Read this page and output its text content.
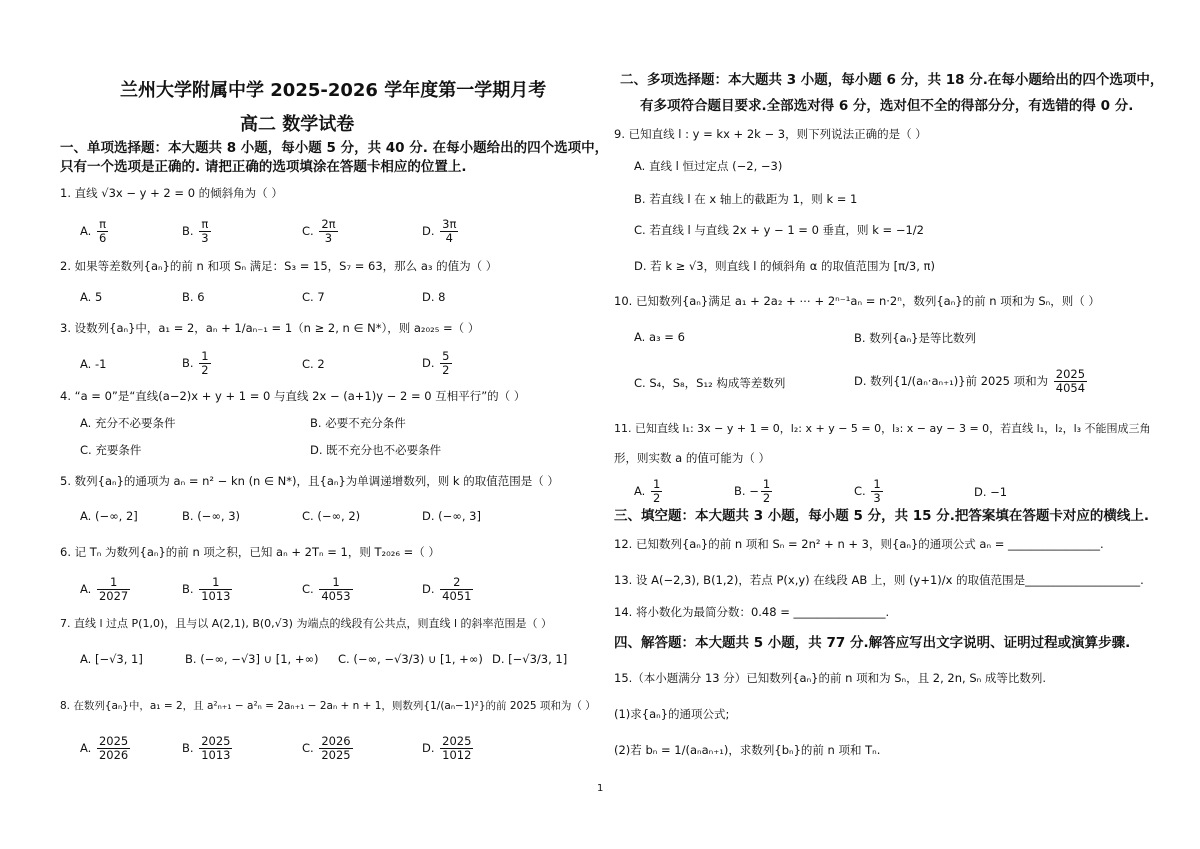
兰州大学附属中学 2025-2026 学年度第一学期月考
高二 数学试卷
一、单项选择题：本大题共 8 小题，每小题 5 分，共 40 分. 在每小题给出的四个选项中，
只有一个选项是正确的. 请把正确的选项填涂在答题卡相应的位置上.
1. 直线 √3x − y + 2 = 0 的倾斜角为（ ）
A. $\frac{\pi}{6}$	B. $\frac{\pi}{3}$	C. $\frac{2\pi}{3}$	D. $\frac{3\pi}{4}$
2. 如果等差数列{aₙ}的前 n 和项 Sₙ 满足：S₃ = 15，S₇ = 63，那么 a₃ 的值为（ ）
A. 5	B. 6	C. 7	D. 8
3. 设数列{aₙ}中，a₁ = 2，aₙ + 1/aₙ₋₁ = 1（n ≥ 2, n ∈ N*），则 a₂₀₂₅ =（ ）
A. -1	B. $\frac{1}{2}$	C. 2	D. $\frac{5}{2}$
4. “a = 0”是“直线(a−2)x + y + 1 = 0 与直线 2x − (a+1)y − 2 = 0 互相平行”的（ ）
A. 充分不必要条件	B. 必要不充分条件
C. 充要条件	D. 既不充分也不必要条件
5. 数列{aₙ}的通项为 aₙ = n² − kn (n ∈ N*)，且{aₙ}为单调递增数列，则 k 的取值范围是（ ）
A. (−∞, 2]	B. (−∞, 3)	C. (−∞, 2)	D. (−∞, 3]
6. 记 Tₙ 为数列{aₙ}的前 n 项之积，已知 aₙ + 2Tₙ = 1，则 T₂₀₂₆ =（ ）
A. $\frac{1}{2027}$	B. $\frac{1}{1013}$	C. $\frac{1}{4053}$	D. $\frac{2}{4051}$
7. 直线 l 过点 P(1,0)，且与以 A(2,1), B(0,√3) 为端点的线段有公共点，则直线 l 的斜率范围是（ ）
A. [−√3, 1]	B. (−∞, −√3] ∪ [1, +∞) C. (−∞, −√3/3) ∪ [1, +∞) D. [−√3/3, 1]
8. 在数列{aₙ}中，a₁ = 2，且 a²ₙ₊₁ − a²ₙ = 2aₙ₊₁ − 2aₙ + n + 1，则数列{1/(aₙ−1)²}的前 2025 项和为（ ）
A. $\frac{2025}{2026}$	B. $\frac{2025}{1013}$	C. $\frac{2026}{2025}$	D. $\frac{2025}{1012}$
二、多项选择题：本大题共 3 小题，每小题 6 分，共 18 分.在每小题给出的四个选项中，
有多项符合题目要求.全部选对得 6 分，选对但不全的得部分分，有选错的得 0 分.
9. 已知直线 l : y = kx + 2k − 3，则下列说法正确的是（ ）
A. 直线 l 恒过定点 (−2, −3)
B. 若直线 l 在 x 轴上的截距为 1，则 k = 1
C. 若直线 l 与直线 2x + y − 1 = 0 垂直，则 k = −1/2
D. 若 k ≥ √3，则直线 l 的倾斜角 α 的取值范围为 [π/3, π)
10. 已知数列{aₙ}满足 a₁ + 2a₂ + ⋯ + 2ⁿ⁻¹aₙ = n·2ⁿ，数列{aₙ}的前 n 项和为 Sₙ，则（ ）
A. a₃ = 6	B. 数列{aₙ}是等比数列
C. S₄，S₈，S₁₂ 构成等差数列	D. 数列{1/(aₙ·aₙ₊₁)}前 2025 项和为 $\frac{2025}{4054}$
11. 已知直线 l₁: 3x − y + 1 = 0，l₂: x + y − 5 = 0，l₃: x − ay − 3 = 0，若直线 l₁，l₂，l₃ 不能围成三角
形，则实数 a 的值可能为（ ）
A. $\frac{1}{2}$	B. − $\frac{1}{2}$	C. $\frac{1}{3}$	D. −1
三、填空题：本大题共 3 小题，每小题 5 分，共 15 分.把答案填在答题卡对应的横线上.
12. 已知数列{aₙ}的前 n 项和 Sₙ = 2n² + n + 3，则{aₙ}的通项公式 aₙ = ________________.
13. 设 A(−2,3), B(1,2)，若点 P(x,y) 在线段 AB 上，则 (y+1)/x 的取值范围是____________________.
14. 将小数化为最简分数：0.4̇8̇ = ________________.
四、解答题：本大题共 5 小题，共 77 分.解答应写出文字说明、证明过程或演算步骤.
15.（本小题满分 13 分）已知数列{aₙ}的前 n 项和为 Sₙ，且 2, 2n, Sₙ 成等比数列.
(1)求{aₙ}的通项公式;
(2)若 bₙ = 1/(aₙaₙ₊₁)，求数列{bₙ}的前 n 项和 Tₙ.
1
